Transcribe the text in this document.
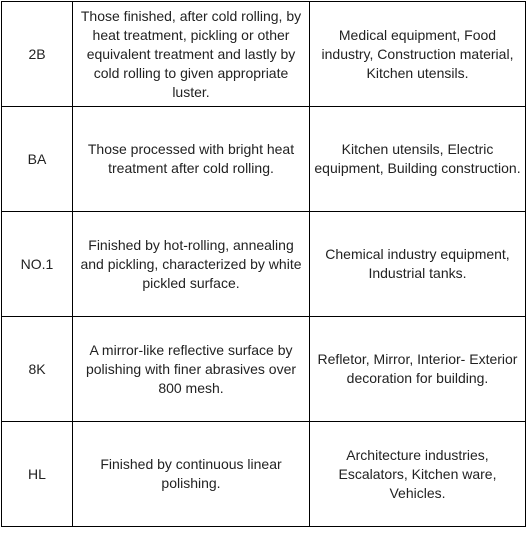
2B	Those finished, after cold rolling, by heat treatment, pickling or other equivalent treatment and lastly by cold rolling to given appropriate luster.	Medical equipment, Food industry, Construction material, Kitchen utensils.
BA	Those processed with bright heat treatment after cold rolling.	Kitchen utensils, Electric equipment, Building construction.
NO.1	Finished by hot-rolling, annealing and pickling, characterized by white pickled surface.	Chemical industry equipment, Industrial tanks.
8K	A mirror-like reflective surface by polishing with finer abrasives over 800 mesh.	Refletor, Mirror, Interior- Exterior decoration for building.
HL	Finished by continuous linear polishing.	Architecture industries, Escalators, Kitchen ware, Vehicles.
